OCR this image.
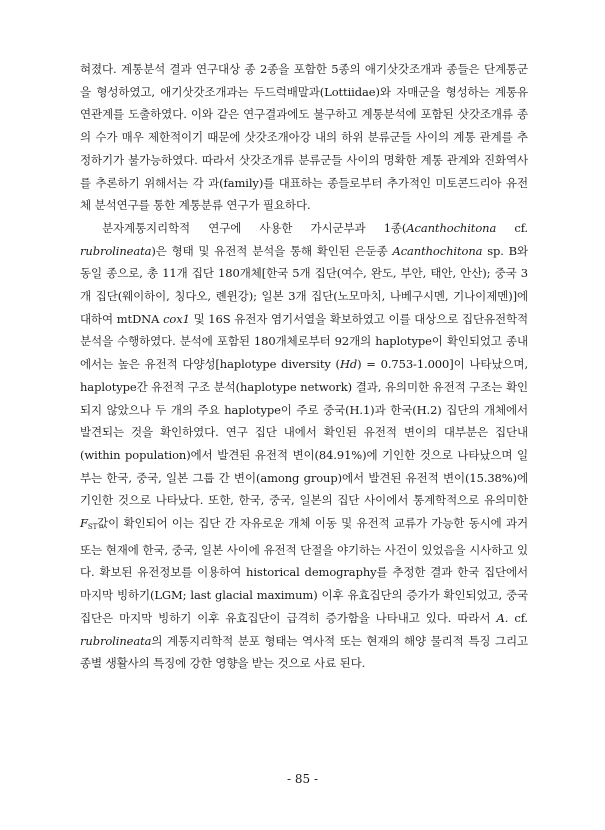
혀졌다. 계통분석 결과 연구대상 종 2종을 포함한 5종의 애기삿갓조개과 종들은 단계통군을 형성하였고, 애기삿갓조개과는 두드럭배말과(Lottiidae)와 자매군을 형성하는 계통유연관계를 도출하였다. 이와 같은 연구결과에도 불구하고 계통분석에 포함된 삿갓조개류 종의 수가 매우 제한적이기 때문에 삿갓조개아강 내의 하위 분류군들 사이의 계통 관계를 추정하기가 불가능하였다. 따라서 삿갓조개류 분류군들 사이의 명확한 계통 관계와 진화역사를 추론하기 위해서는 각 과(family)를 대표하는 종들로부터 추가적인 미토콘드리아 유전체 분석연구를 통한 계통분류 연구가 필요하다.

분자계통지리학적 연구에 사용한 가시군부과 1종(Acanthochitona cf. rubrolineata)은 형태 및 유전적 분석을 통해 확인된 은둔종 Acanthochitona sp. B와 동일 종으로, 총 11개 집단 180개체[한국 5개 집단(여수, 완도, 부안, 태안, 안산); 중국 3개 집단(웨이하이, 칭다오, 롄윈강); 일본 3개 집단(노모마치, 나베구시멘, 기나이제멘)]에 대하여 mtDNA cox1 및 16S 유전자 염기서열을 확보하였고 이를 대상으로 집단유전학적 분석을 수행하였다. 분석에 포함된 180개체로부터 92개의 haplotype이 확인되었고 종내 에서는 높은 유전적 다양성[haplotype diversity (Hd) = 0.753-1.000]이 나타났으며, haplotype간 유전적 구조 분석(haplotype network) 결과, 유의미한 유전적 구조는 확인되지 않았으나 두 개의 주요 haplotype이 주로 중국(H.1)과 한국(H.2) 집단의 개체에서 발견되는 것을 확인하였다. 연구 집단 내에서 확인된 유전적 변이의 대부분은 집단내(within population)에서 발견된 유전적 변이(84.91%)에 기인한 것으로 나타났으며 일부는 한국, 중국, 일본 그룹 간 변이(among group)에서 발견된 유전적 변이(15.38%)에 기인한 것으로 나타났다. 또한, 한국, 중국, 일본의 집단 사이에서 통계학적으로 유의미한 $F_{ST}$값이 확인되어 이는 집단 간 자유로운 개체 이동 및 유전적 교류가 가능한 동시에 과거 또는 현재에 한국, 중국, 일본 사이에 유전적 단절을 야기하는 사건이 있었음을 시사하고 있다. 확보된 유전정보를 이용하여 historical demography를 추정한 결과 한국 집단에서 마지막 빙하기(LGM; last glacial maximum) 이후 유효집단의 증가가 확인되었고, 중국 집단은 마지막 빙하기 이후 유효집단이 급격히 증가함을 나타내고 있다. 따라서 A. cf. rubrolineata의 계통지리학적 분포 형태는 역사적 또는 현재의 해양 물리적 특징 그리고 종별 생활사의 특징에 강한 영향을 받는 것으로 사료 된다.

- 85 -
